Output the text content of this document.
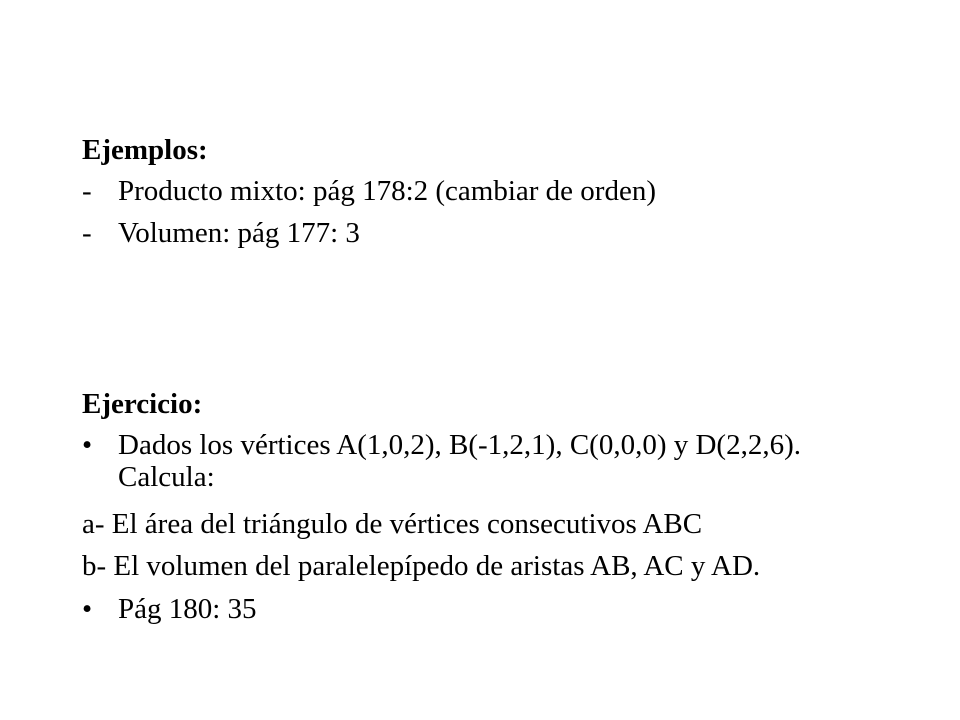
Ejemplos:
- Producto mixto: pág 178:2 (cambiar de orden)
- Volumen: pág 177: 3
Ejercicio:
• Dados los vértices A(1,0,2), B(-1,2,1), C(0,0,0) y D(2,2,6).
Calcula:
a- El área del triángulo de vértices consecutivos ABC
b- El volumen del paralelepípedo de aristas AB, AC y AD.
• Pág 180: 35
